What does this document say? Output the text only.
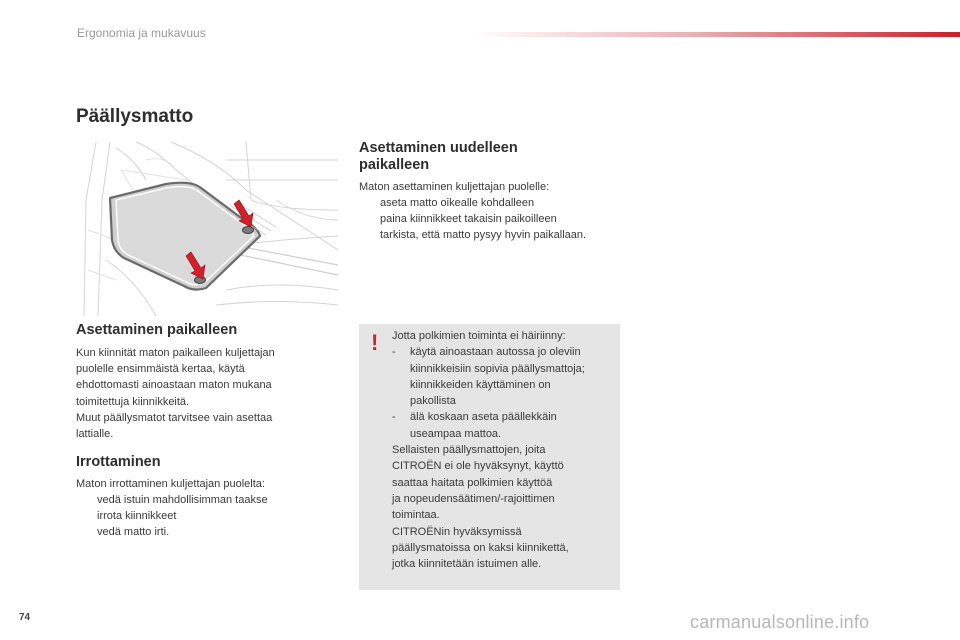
Ergonomia ja mukavuus
Päällysmatto
Asettaminen paikalleen
Kun kiinnität maton paikalleen kuljettajan
puolelle ensimmäistä kertaa, käytä
ehdottomasti ainoastaan maton mukana
toimitettuja kiinnikkeitä.
Muut päällysmatot tarvitsee vain asettaa
lattialle.
Irrottaminen
Maton irrottaminen kuljettajan puolelta:
vedä istuin mahdollisimman taakse
irrota kiinnikkeet
vedä matto irti.
Asettaminen uudelleen
paikalleen
Maton asettaminen kuljettajan puolelle:
aseta matto oikealle kohdalleen
paina kiinnikkeet takaisin paikoilleen
tarkista, että matto pysyy hyvin paikallaan.
! Jotta polkimien toiminta ei häiriinny:
- käytä ainoastaan autossa jo oleviin
kiinnikkeisiin sopivia päällysmattoja;
kiinnikkeiden käyttäminen on
pakollista
- älä koskaan aseta päällekkäin
useampaa mattoa.
Sellaisten päällysmattojen, joita
CITROËN ei ole hyväksynyt, käyttö
saattaa haitata polkimien käyttöä
ja nopeudensäätimen/-rajoittimen
toimintaa.
CITROËNin hyväksymissä
päällysmatoissa on kaksi kiinnikettä,
jotka kiinnitetään istuimen alle.
74	carmanualsonline.info
